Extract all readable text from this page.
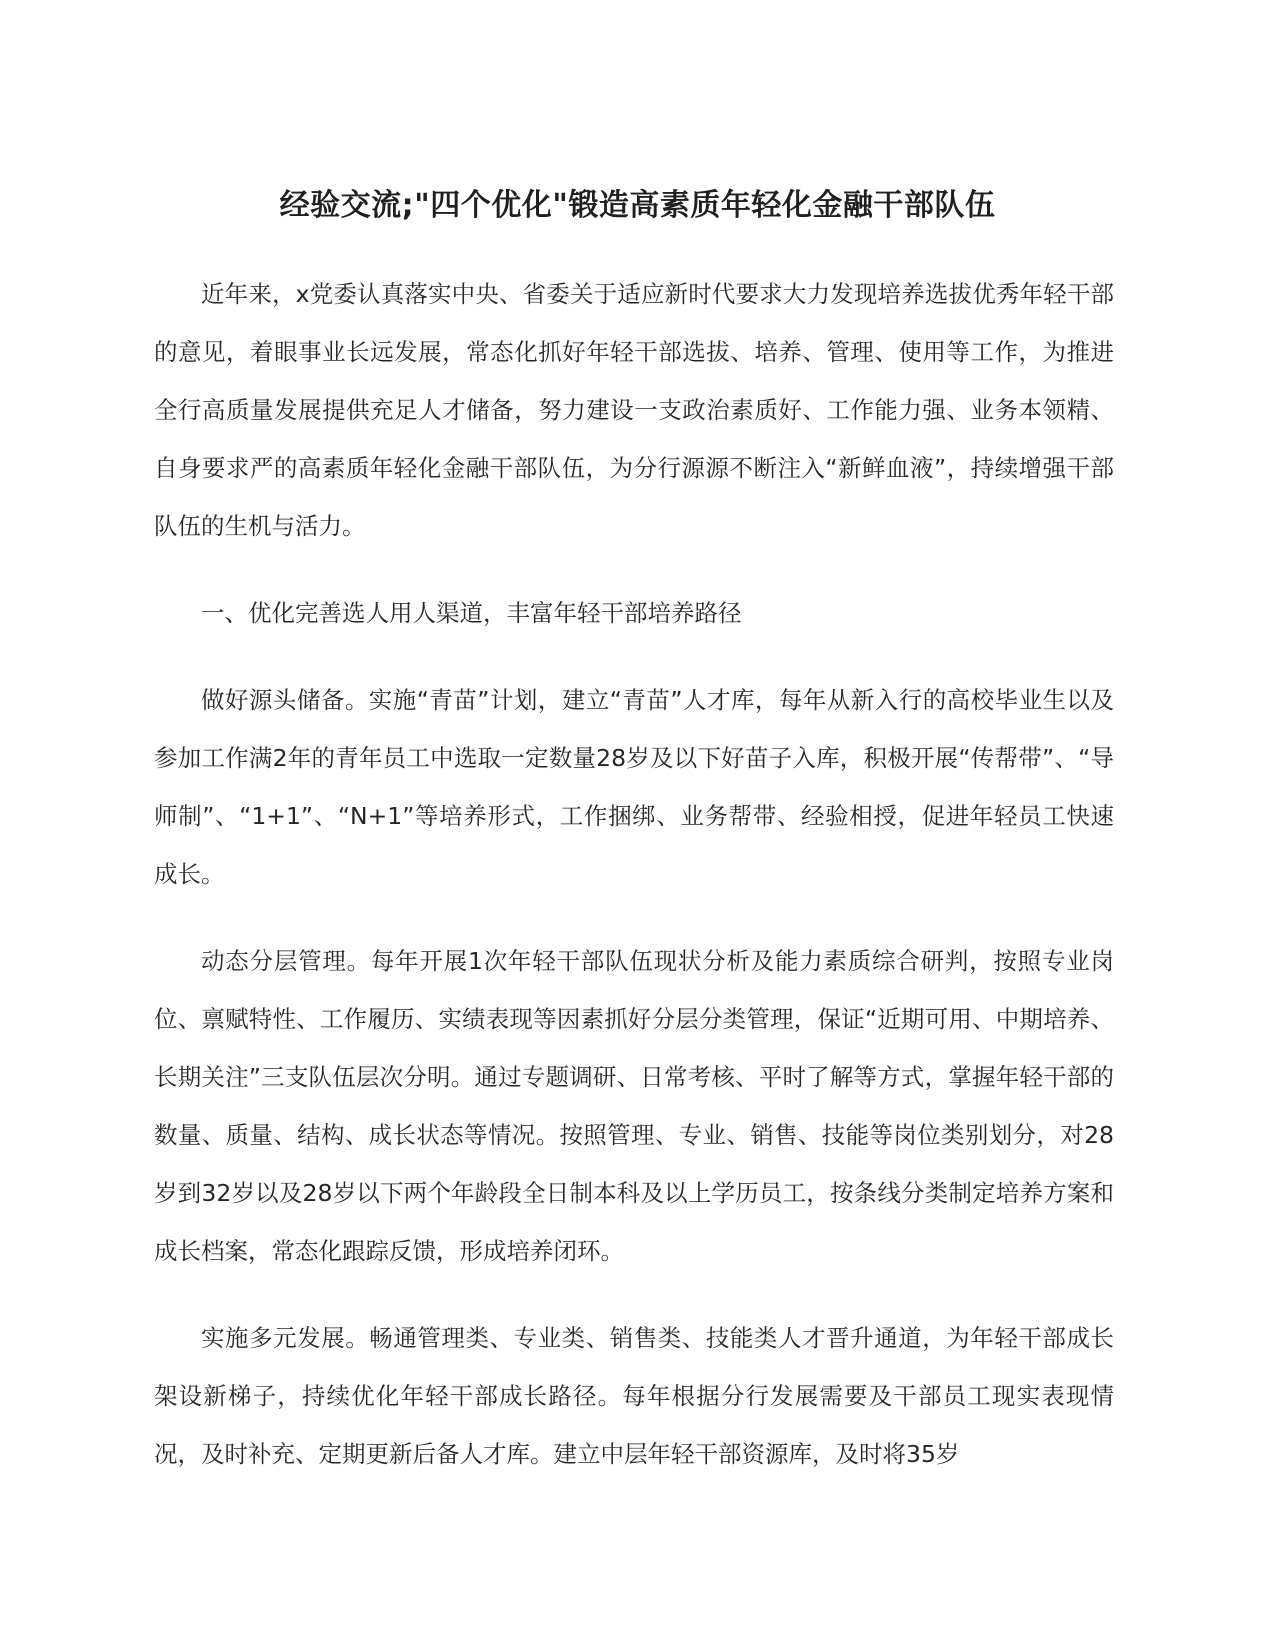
经验交流;"四个优化"锻造高素质年轻化金融干部队伍

近年来，x党委认真落实中央、省委关于适应新时代要求大力发现培养选拔优秀年轻干部的意见，着眼事业长远发展，常态化抓好年轻干部选拔、培养、管理、使用等工作，为推进全行高质量发展提供充足人才储备，努力建设一支政治素质好、工作能力强、业务本领精、自身要求严的高素质年轻化金融干部队伍，为分行源源不断注入“新鲜血液”，持续增强干部队伍的生机与活力。

一、优化完善选人用人渠道，丰富年轻干部培养路径

做好源头储备。实施“青苗”计划，建立“青苗”人才库，每年从新入行的高校毕业生以及参加工作满2年的青年员工中选取一定数量28岁及以下好苗子入库，积极开展“传帮带”、“导师制”、“1+1”、“N+1”等培养形式，工作捆绑、业务帮带、经验相授，促进年轻员工快速成长。

动态分层管理。每年开展1次年轻干部队伍现状分析及能力素质综合研判，按照专业岗位、禀赋特性、工作履历、实绩表现等因素抓好分层分类管理，保证“近期可用、中期培养、长期关注”三支队伍层次分明。通过专题调研、日常考核、平时了解等方式，掌握年轻干部的数量、质量、结构、成长状态等情况。按照管理、专业、销售、技能等岗位类别划分，对28岁到32岁以及28岁以下两个年龄段全日制本科及以上学历员工，按条线分类制定培养方案和成长档案，常态化跟踪反馈，形成培养闭环。

实施多元发展。畅通管理类、专业类、销售类、技能类人才晋升通道，为年轻干部成长架设新梯子，持续优化年轻干部成长路径。每年根据分行发展需要及干部员工现实表现情况，及时补充、定期更新后备人才库。建立中层年轻干部资源库，及时将35岁
